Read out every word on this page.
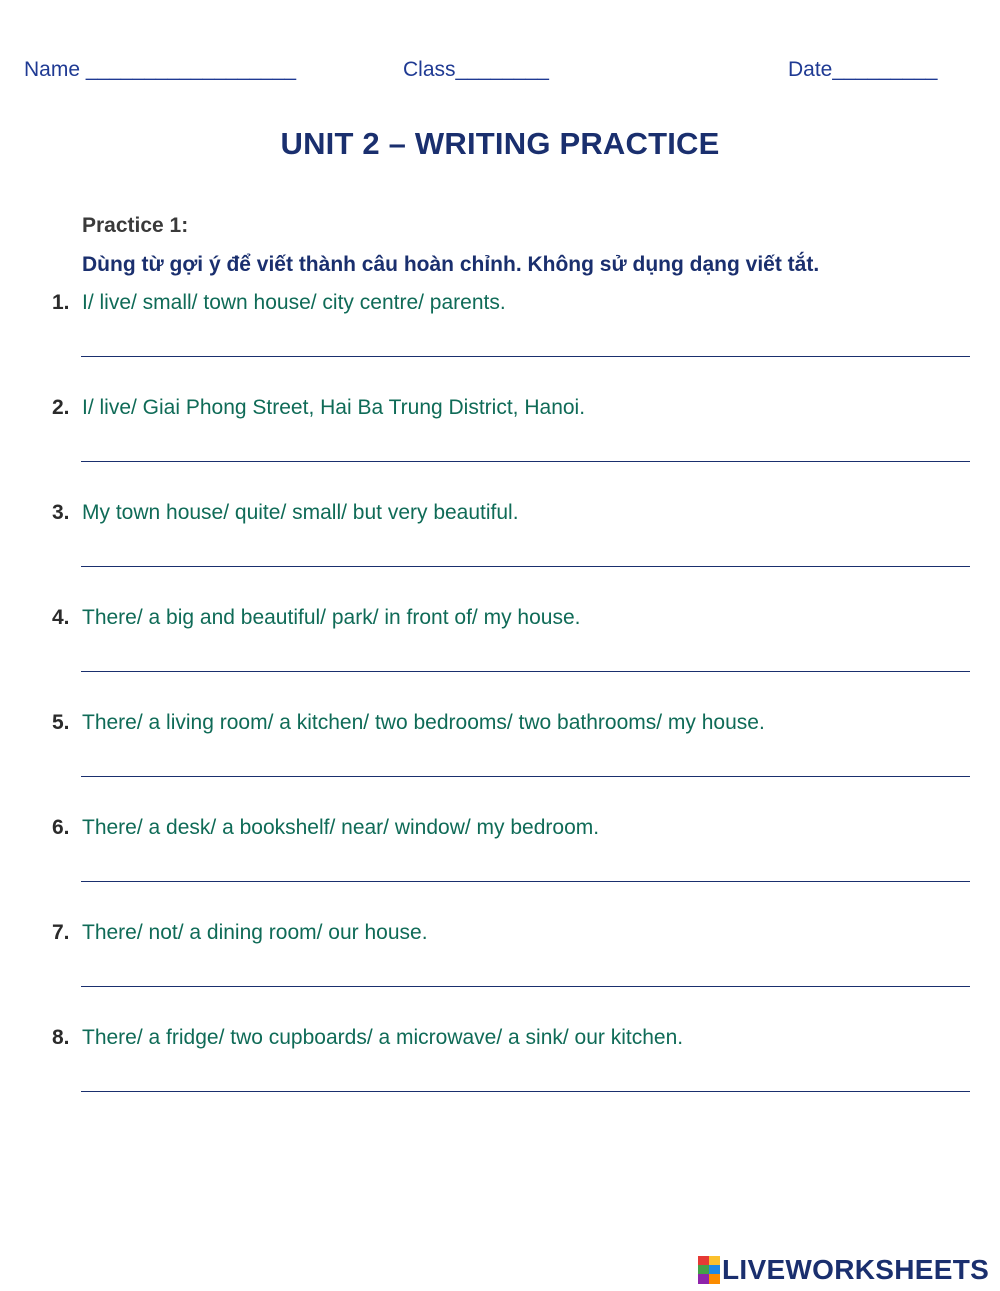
Name __________________	Class________	Date_________
UNIT 2 – WRITING PRACTICE
Practice 1:
Dùng từ gợi ý để viết thành câu hoàn chỉnh. Không sử dụng dạng viết tắt.
1. I/ live/ small/ town house/ city centre/ parents.
2. I/ live/ Giai Phong Street, Hai Ba Trung District, Hanoi.
3. My town house/ quite/ small/ but very beautiful.
4. There/ a big and beautiful/ park/ in front of/ my house.
5. There/ a living room/ a kitchen/ two bedrooms/ two bathrooms/ my house.
6. There/ a desk/ a bookshelf/ near/ window/ my bedroom.
7. There/ not/ a dining room/ our house.
8. There/ a fridge/ two cupboards/ a microwave/ a sink/ our kitchen.
LIVEWORKSHEETS
